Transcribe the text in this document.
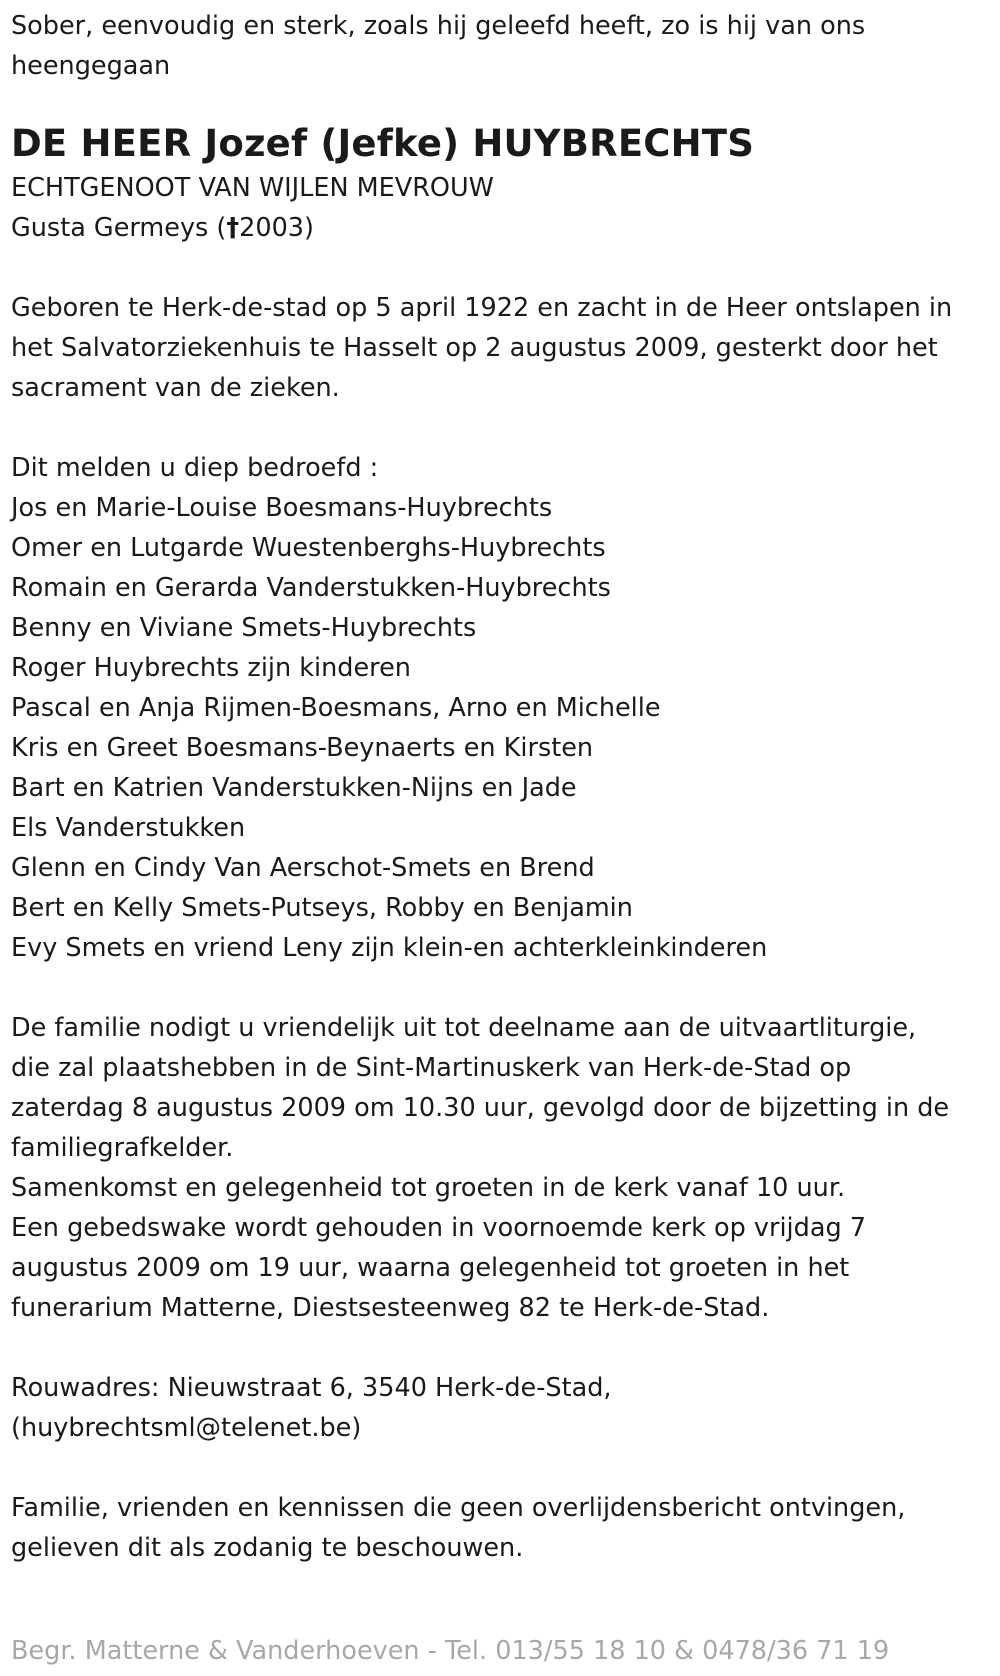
Sober, eenvoudig en sterk, zoals hij geleefd heeft, zo is hij van ons

heengegaan

DE HEER Jozef (Jefke) HUYBRECHTS

ECHTGENOOT VAN WIJLEN MEVROUW

Gusta Germeys (†2003)

Geboren te Herk-de-stad op 5 april 1922 en zacht in de Heer ontslapen in

het Salvatorziekenhuis te Hasselt op 2 augustus 2009, gesterkt door het

sacrament van de zieken.

Dit melden u diep bedroefd :

Jos en Marie-Louise Boesmans-Huybrechts

Omer en Lutgarde Wuestenberghs-Huybrechts

Romain en Gerarda Vanderstukken-Huybrechts

Benny en Viviane Smets-Huybrechts

Roger Huybrechts zijn kinderen

Pascal en Anja Rijmen-Boesmans, Arno en Michelle

Kris en Greet Boesmans-Beynaerts en Kirsten

Bart en Katrien Vanderstukken-Nijns en Jade

Els Vanderstukken

Glenn en Cindy Van Aerschot-Smets en Brend

Bert en Kelly Smets-Putseys, Robby en Benjamin

Evy Smets en vriend Leny zijn klein-en achterkleinkinderen

De familie nodigt u vriendelijk uit tot deelname aan de uitvaartliturgie,

die zal plaatshebben in de Sint-Martinuskerk van Herk-de-Stad op

zaterdag 8 augustus 2009 om 10.30 uur, gevolgd door de bijzetting in de

familiegrafkelder.

Samenkomst en gelegenheid tot groeten in de kerk vanaf 10 uur.

Een gebedswake wordt gehouden in voornoemde kerk op vrijdag 7

augustus 2009 om 19 uur, waarna gelegenheid tot groeten in het

funerarium Matterne, Diestsesteenweg 82 te Herk-de-Stad.

Rouwadres: Nieuwstraat 6, 3540 Herk-de-Stad,

(huybrechtsml@telenet.be)

Familie, vrienden en kennissen die geen overlijdensbericht ontvingen,

gelieven dit als zodanig te beschouwen.

Begr. Matterne & Vanderhoeven - Tel. 013/55 18 10 & 0478/36 71 19
